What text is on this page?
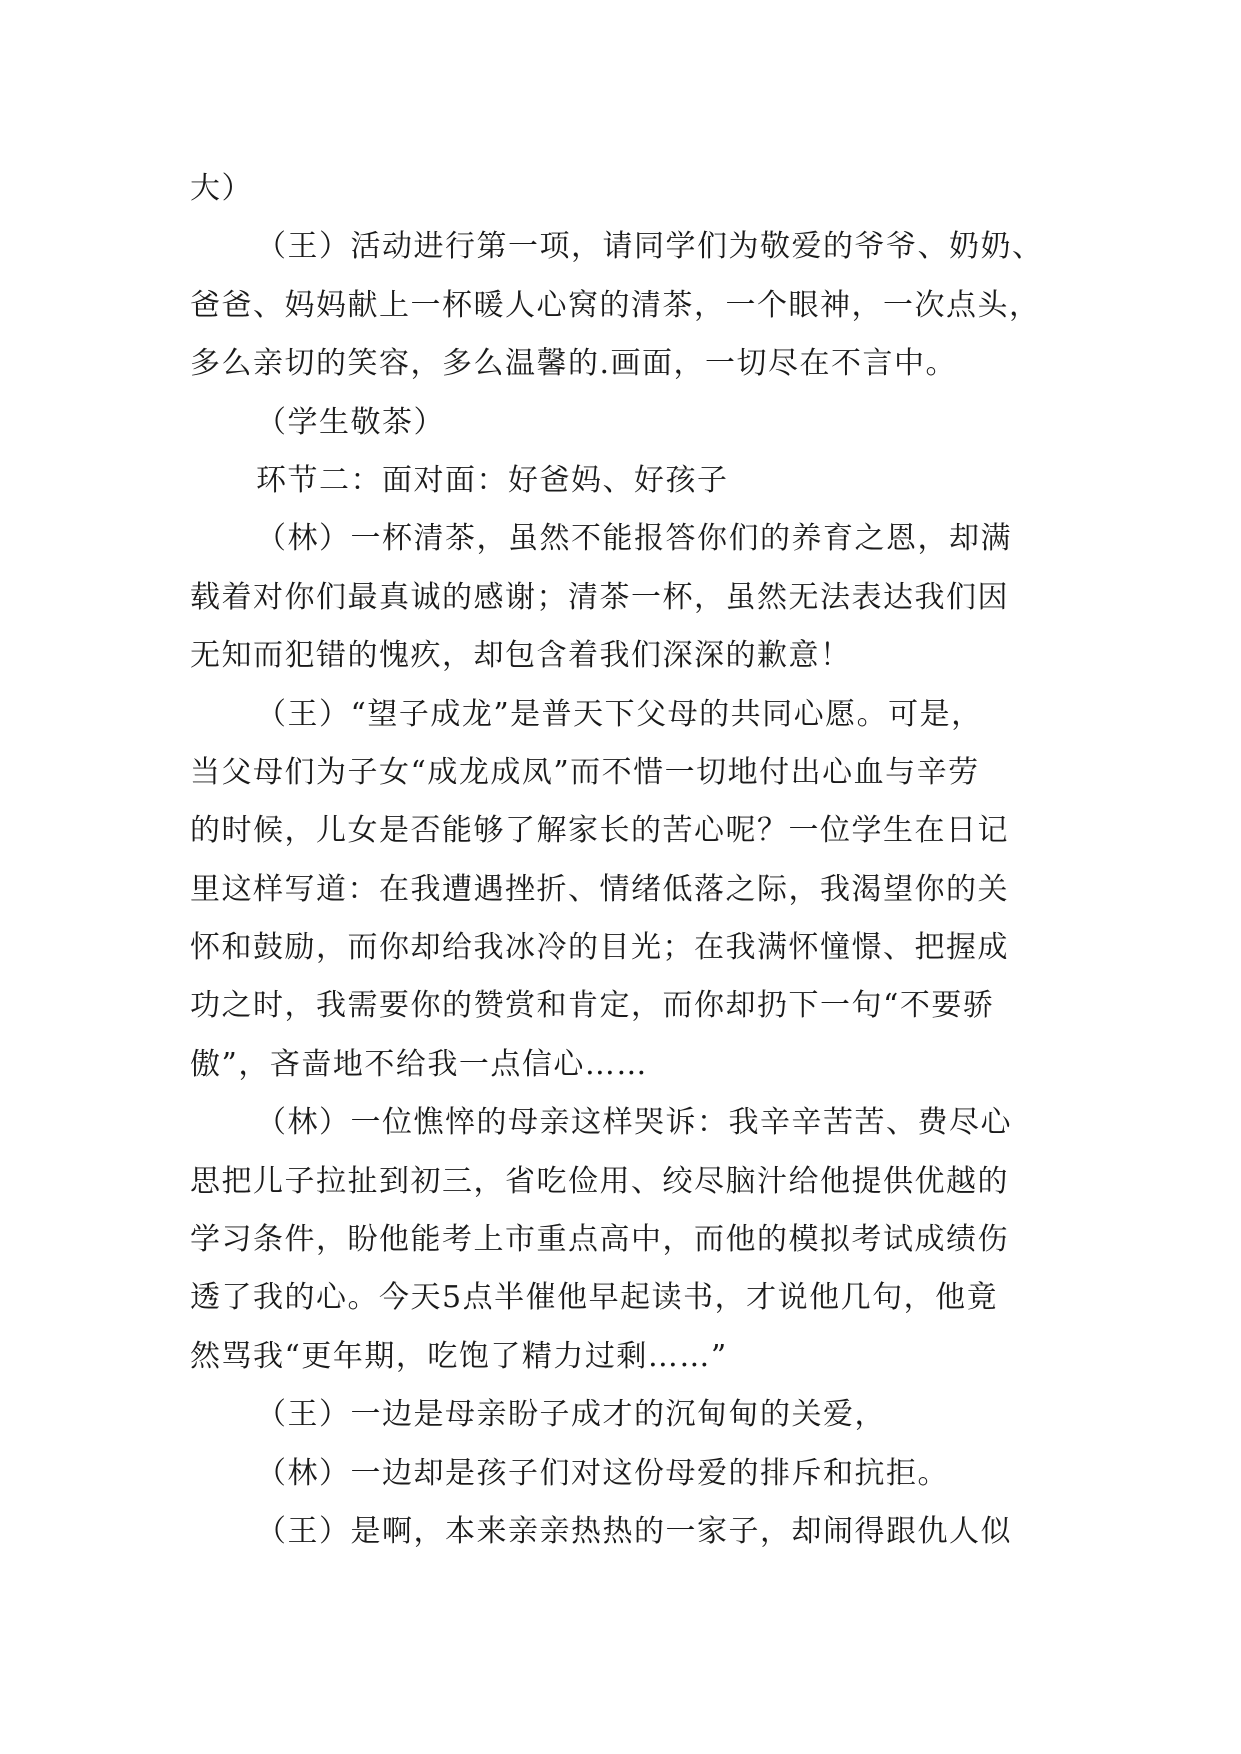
大）
（王）活动进行第一项，请同学们为敬爱的爷爷、奶奶、
爸爸、妈妈献上一杯暖人心窝的清茶，一个眼神，一次点头，
多么亲切的笑容，多么温馨的.画面，一切尽在不言中。
（学生敬茶）
环节二：面对面：好爸妈、好孩子
（林）一杯清茶，虽然不能报答你们的养育之恩，却满
载着对你们最真诚的感谢；清茶一杯，虽然无法表达我们因
无知而犯错的愧疚，却包含着我们深深的歉意！
（王）“望子成龙”是普天下父母的共同心愿。可是，
当父母们为子女“成龙成凤”而不惜一切地付出心血与辛劳
的时候，儿女是否能够了解家长的苦心呢？一位学生在日记
里这样写道：在我遭遇挫折、情绪低落之际，我渴望你的关
怀和鼓励，而你却给我冰冷的目光；在我满怀憧憬、把握成
功之时，我需要你的赞赏和肯定，而你却扔下一句“不要骄
傲”，吝啬地不给我一点信心……
（林）一位憔悴的母亲这样哭诉：我辛辛苦苦、费尽心
思把儿子拉扯到初三，省吃俭用、绞尽脑汁给他提供优越的
学习条件，盼他能考上市重点高中，而他的模拟考试成绩伤
透了我的心。今天5点半催他早起读书，才说他几句，他竟
然骂我“更年期，吃饱了精力过剩……”
（王）一边是母亲盼子成才的沉甸甸的关爱，
（林）一边却是孩子们对这份母爱的排斥和抗拒。
（王）是啊，本来亲亲热热的一家子，却闹得跟仇人似
